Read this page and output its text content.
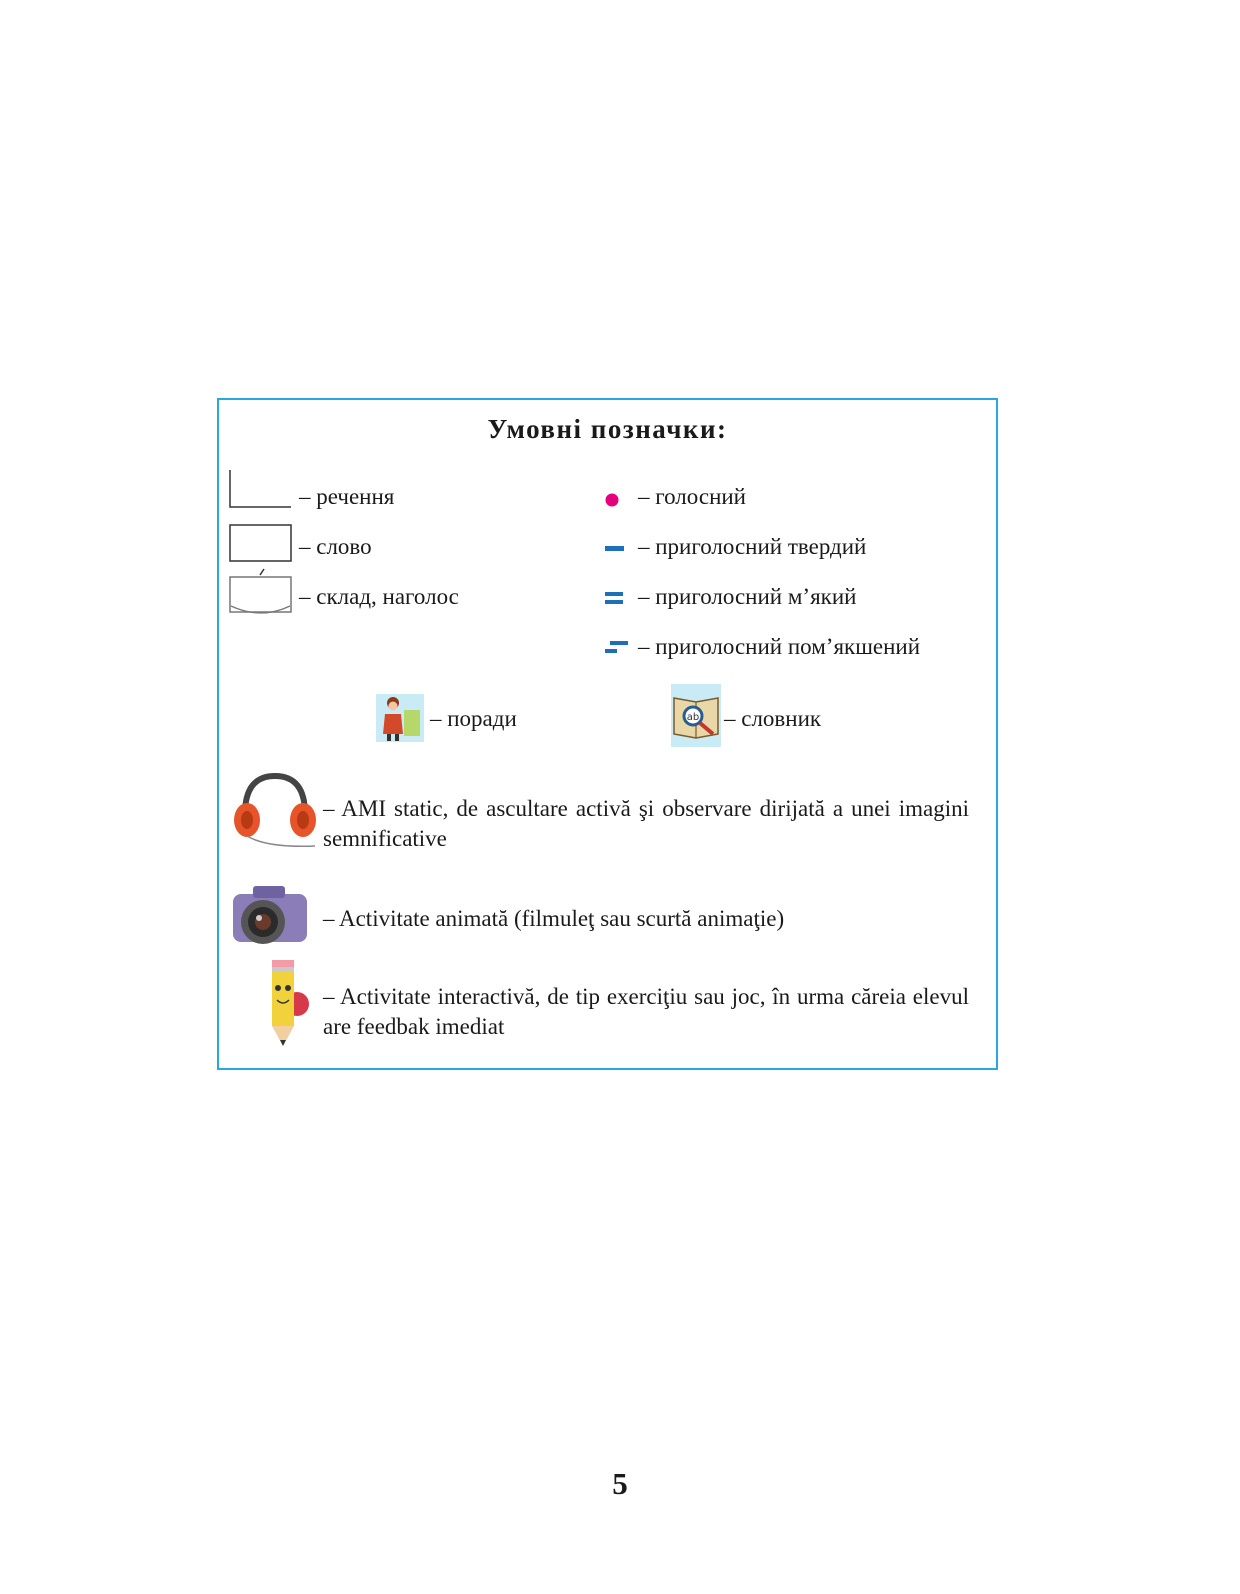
Умовні позначки:
– речення
– слово
– склад, наголос
– голосний
– приголосний твердий
– приголосний м’який
– приголосний пом’якшений
– поради	ab – словник
– AMI static, de ascultare activă şi observare dirijată a unei imagini semnificative
– Activitate animată (filmuleţ sau scurtă animaţie)
– Activitate interactivă, de tip exerciţiu sau joc, în urma căreia elevul are feedbak imediat
5
